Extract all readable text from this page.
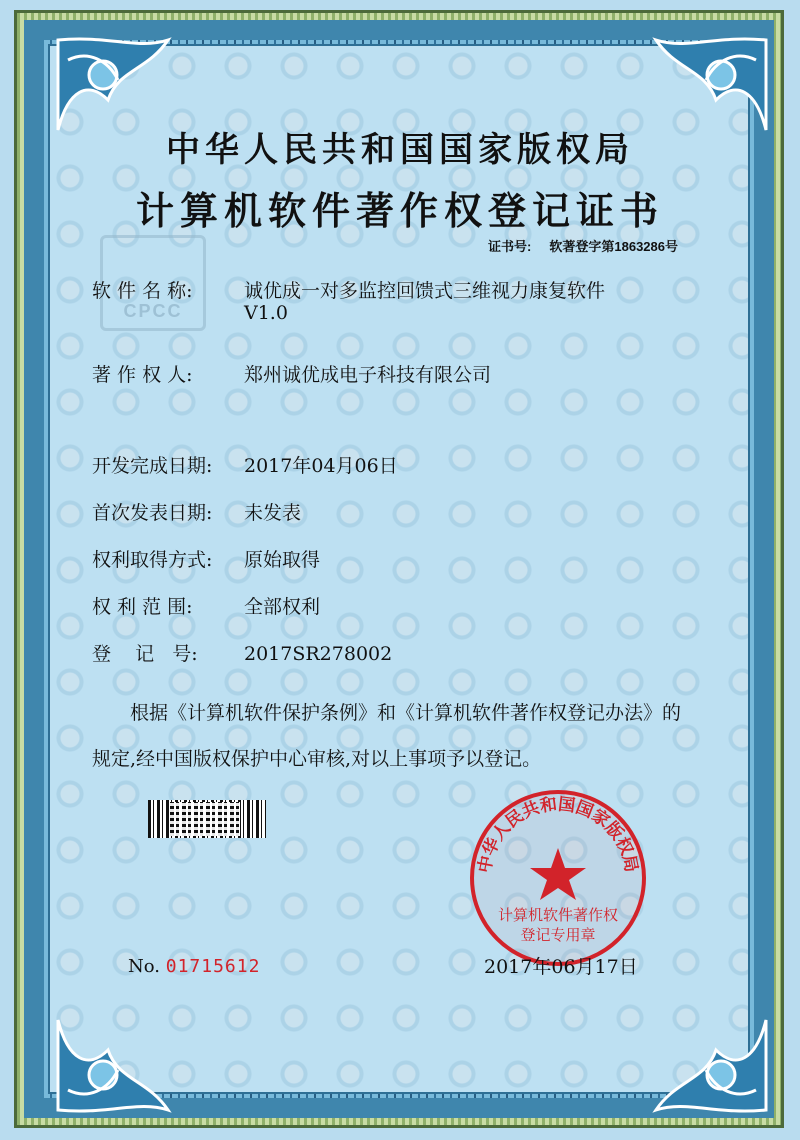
CPCC
中华人民共和国国家版权局
计算机软件著作权登记证书
证书号: 软著登字第1863286号
软 件 名 称:	诚优成一对多监控回馈式三维视力康复软件
V1.0
著 作 权 人:	郑州诚优成电子科技有限公司
开发完成日期: 2017年04月06日
首次发表日期: 未发表
权利取得方式: 原始取得
权 利 范 围:	全部权利
登    记   号: 2017SR278002
根据《计算机软件保护条例》和《计算机软件著作权登记办法》的
规定,经中国版权保护中心审核,对以上事项予以登记。
中华人民共和国国家版权局
计算机软件著作权
登记专用章
No. 01715612	2017年06月17日
